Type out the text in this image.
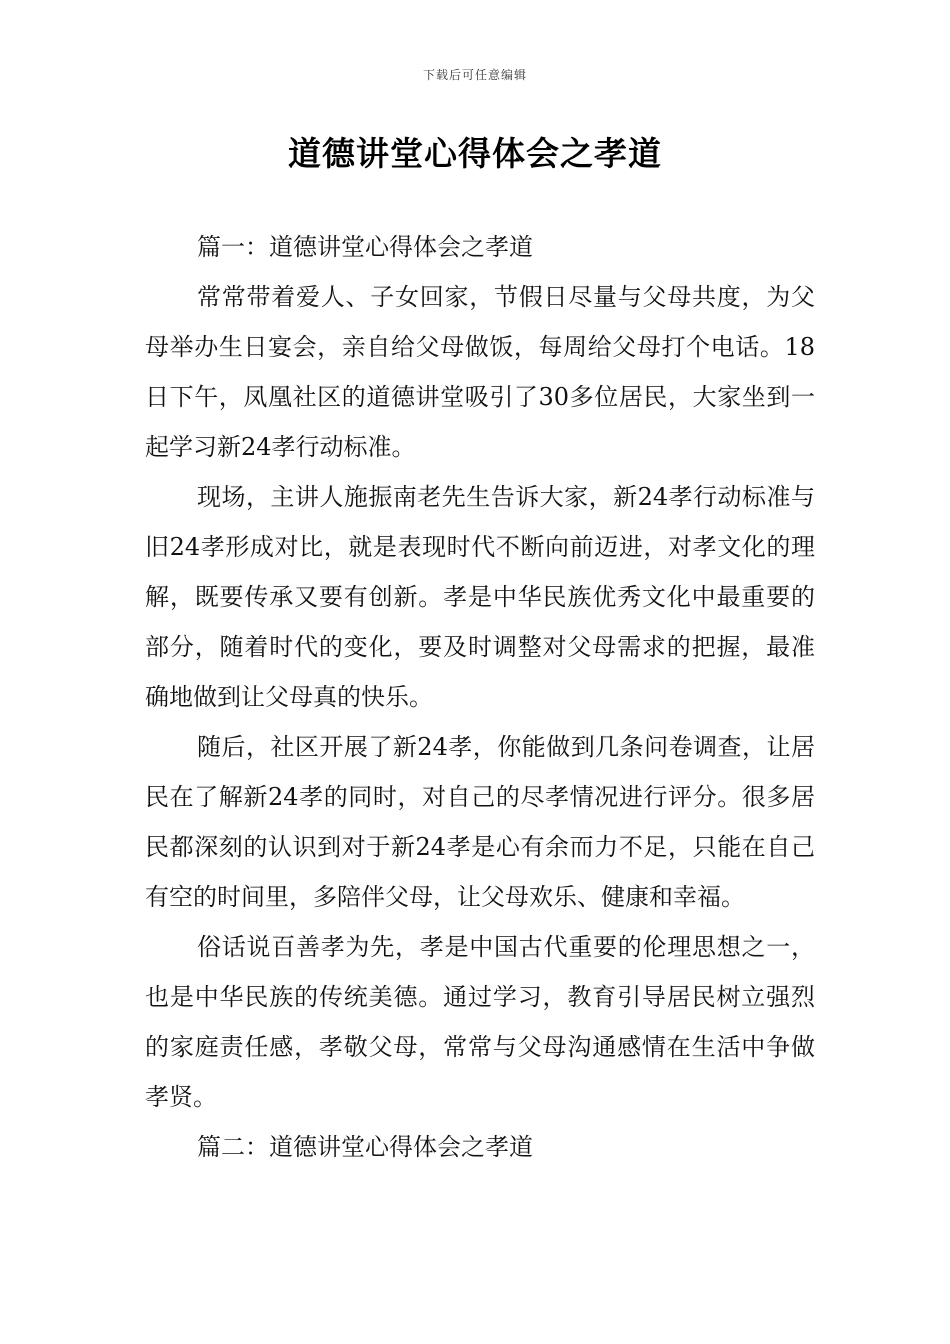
下载后可任意编辑
道德讲堂心得体会之孝道

篇一：道德讲堂心得体会之孝道

常常带着爱人、子女回家，节假日尽量与父母共度，为父母举办生日宴会，亲自给父母做饭，每周给父母打个电话。18日下午，凤凰社区的道德讲堂吸引了30多位居民，大家坐到一起学习新24孝行动标准。

现场，主讲人施振南老先生告诉大家，新24孝行动标准与旧24孝形成对比，就是表现时代不断向前迈进，对孝文化的理解，既要传承又要有创新。孝是中华民族优秀文化中最重要的部分，随着时代的变化，要及时调整对父母需求的把握，最准确地做到让父母真的快乐。

随后，社区开展了新24孝，你能做到几条问卷调查，让居民在了解新24孝的同时，对自己的尽孝情况进行评分。很多居民都深刻的认识到对于新24孝是心有余而力不足，只能在自己有空的时间里，多陪伴父母，让父母欢乐、健康和幸福。

俗话说百善孝为先，孝是中国古代重要的伦理思想之一，也是中华民族的传统美德。通过学习，教育引导居民树立强烈的家庭责任感，孝敬父母，常常与父母沟通感情在生活中争做孝贤。

篇二：道德讲堂心得体会之孝道
